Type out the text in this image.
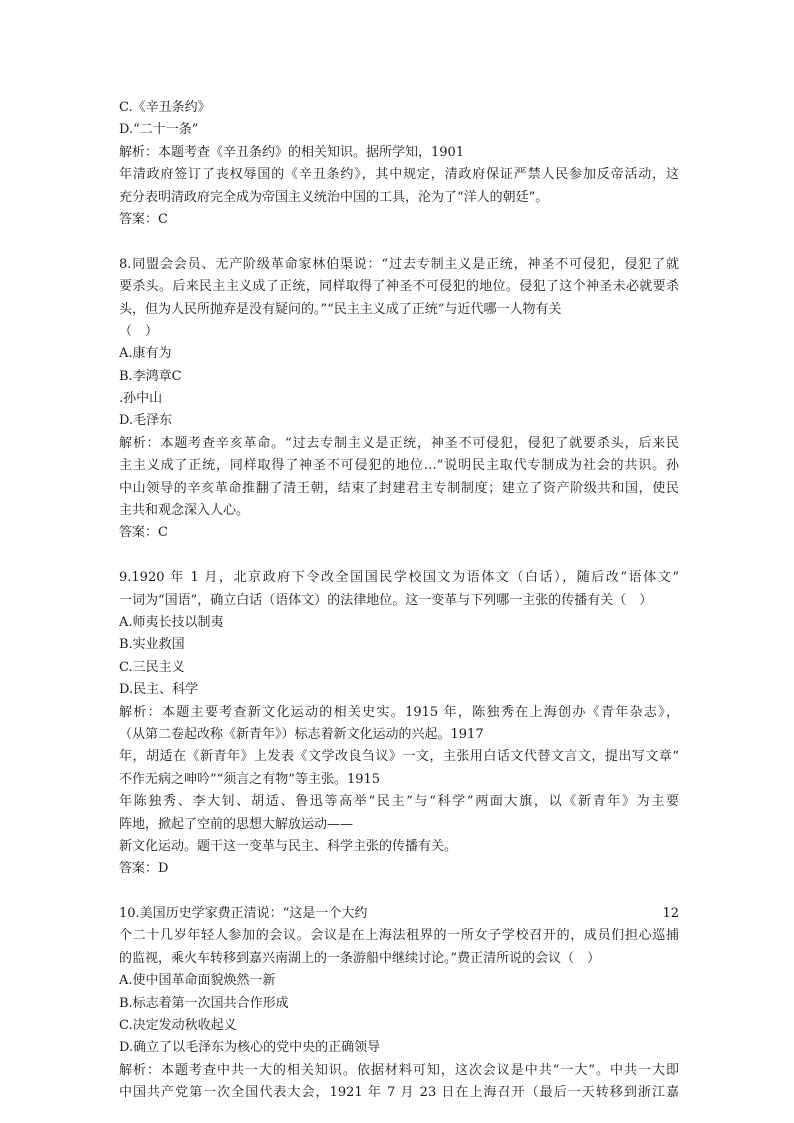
C.《辛丑条约》
D.“二十一条”
解析：本题考查《辛丑条约》的相关知识。据所学知，1901
年清政府签订了丧权辱国的《辛丑条约》，其中规定，清政府保证严禁人民参加反帝活动，这
充分表明清政府完全成为帝国主义统治中国的工具，沦为了“洋人的朝廷”。
答案：C
8.同盟会会员、无产阶级革命家林伯渠说：“过去专制主义是正统，神圣不可侵犯，侵犯了就
要杀头。后来民主主义成了正统，同样取得了神圣不可侵犯的地位。侵犯了这个神圣未必就要杀
头，但为人民所抛弃是没有疑问的。”“民主主义成了正统”与近代哪一人物有关
（　）
A.康有为
B.李鸿章C
.孙中山
D.毛泽东
解析：本题考查辛亥革命。“过去专制主义是正统，神圣不可侵犯，侵犯了就要杀头，后来民
主主义成了正统，同样取得了神圣不可侵犯的地位…”说明民主取代专制成为社会的共识。孙
中山领导的辛亥革命推翻了清王朝，结束了封建君主专制制度；建立了资产阶级共和国，使民
主共和观念深入人心。
答案：C
9.1920 年 1 月，北京政府下令改全国国民学校国文为语体文（白话），随后改“语体文”
一词为“国语”，确立白话（语体文）的法律地位。这一变革与下列哪一主张的传播有关（　）
A.师夷长技以制夷
B.实业救国
C.三民主义
D.民主、科学
解析：本题主要考查新文化运动的相关史实。1915 年，陈独秀在上海创办《青年杂志》，
（从第二卷起改称《新青年》）标志着新文化运动的兴起。1917
年，胡适在《新青年》上发表《文学改良刍议》一文，主张用白话文代替文言文，提出写文章“
不作无病之呻吟”“须言之有物”等主张。1915
年陈独秀、李大钊、胡适、鲁迅等高举“民主”与“科学”两面大旗，以《新青年》为主要
阵地，掀起了空前的思想大解放运动——
新文化运动。题干这一变革与民主、科学主张的传播有关。
答案：D
10.美国历史学家费正清说：“这是一个大约	12
个二十几岁年轻人参加的会议。会议是在上海法租界的一所女子学校召开的，成员们担心巡捕
的监视，乘火车转移到嘉兴南湖上的一条游船中继续讨论。”费正清所说的会议（　）
A.使中国革命面貌焕然一新
B.标志着第一次国共合作形成
C.决定发动秋收起义
D.确立了以毛泽东为核心的党中央的正确领导
解析：本题考查中共一大的相关知识。依据材料可知，这次会议是中共“一大”。中共一大即
中国共产党第一次全国代表大会，1921 年 7 月 23 日在上海召开（最后一天转移到浙江嘉
